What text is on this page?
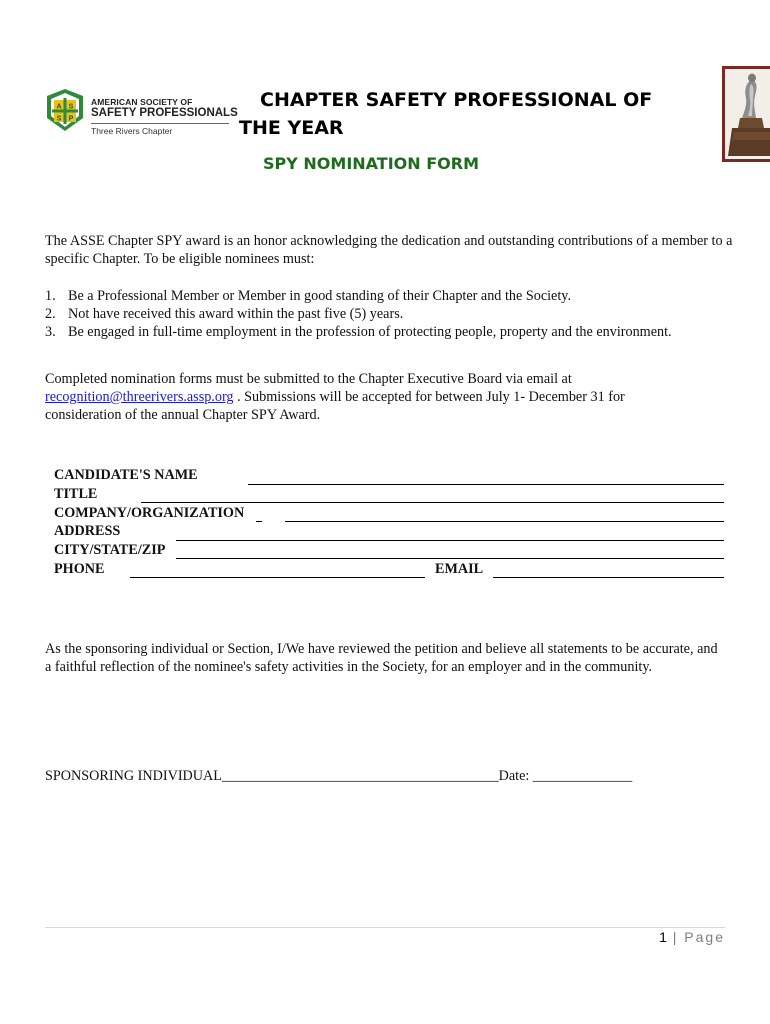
A S
S P
AMERICAN SOCIETY OF
SAFETY PROFESSIONALS
Three Rivers Chapter
CHAPTER SAFETY PROFESSIONAL OF THE YEAR
SPY NOMINATION FORM
The ASSE Chapter SPY award is an honor acknowledging the dedication and outstanding contributions of a member to a specific Chapter. To be eligible nominees must:
1. Be a Professional Member or Member in good standing of their Chapter and the Society.
2. Not have received this award within the past five (5) years.
3. Be engaged in full-time employment in the profession of protecting people, property and the environment.
Completed nomination forms must be submitted to the Chapter Executive Board via email at
recognition@threerivers.assp.org . Submissions will be accepted for between July 1- December 31 for consideration of the annual Chapter SPY Award.
CANDIDATE'S NAME
TITLE
COMPANY/ORGANIZATION
ADDRESS
CITY/STATE/ZIP
PHONE	EMAIL
As the sponsoring individual or Section, I/We have reviewed the petition and believe all statements to be accurate, and a faithful reflection of the nominee's safety activities in the Society, for an employer and in the community.
SPONSORING INDIVIDUAL_______________________________________Date: ______________
1 | Page
